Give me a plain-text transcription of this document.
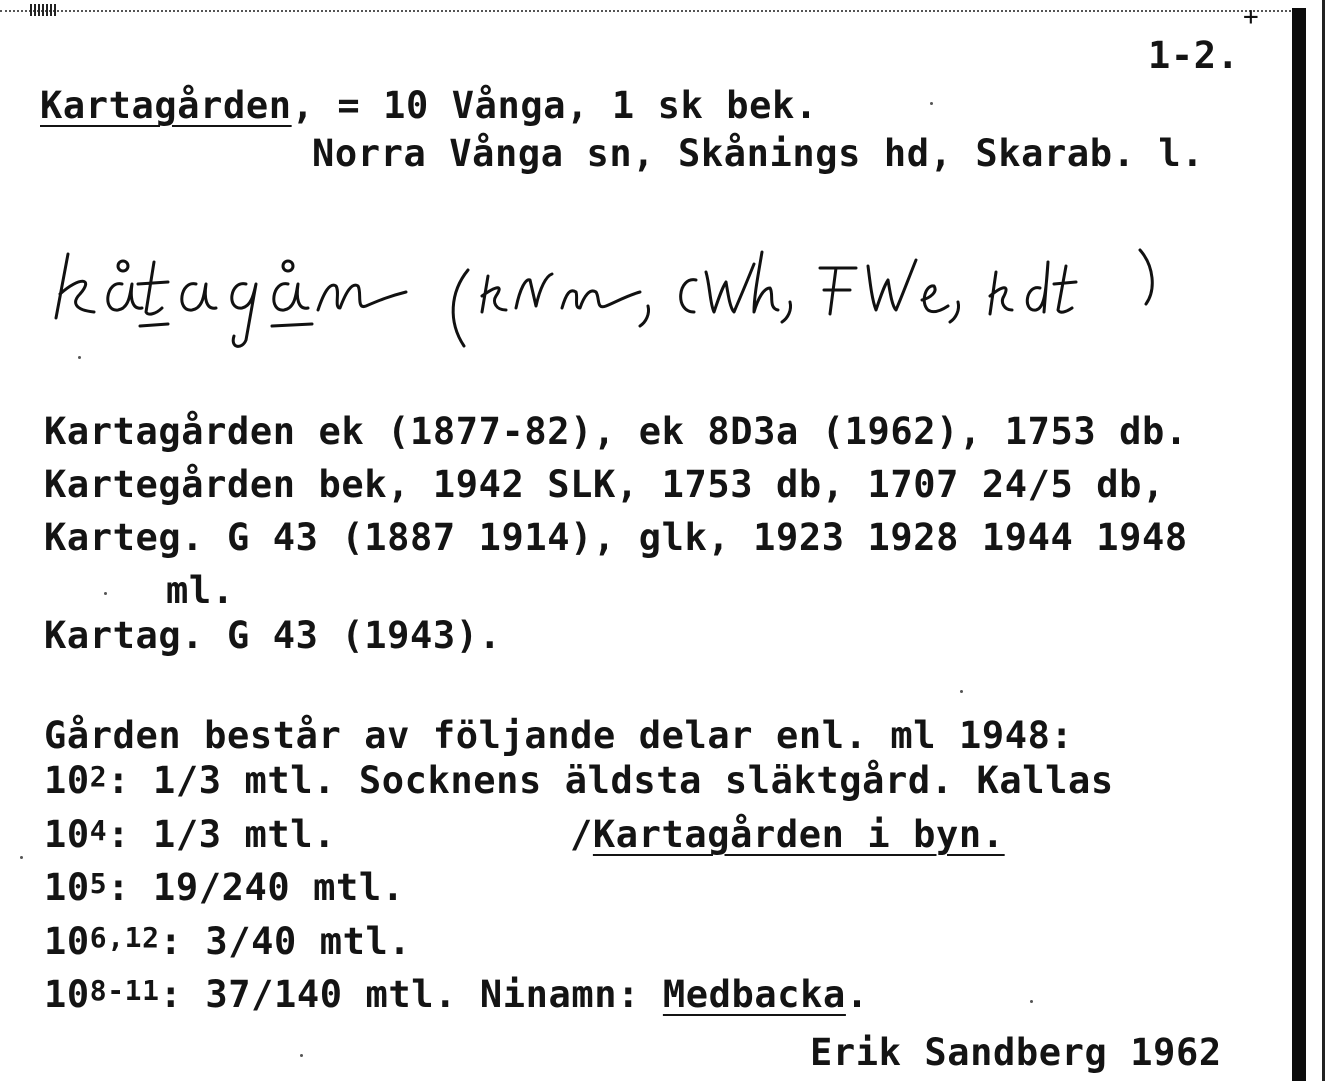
+
1-2.
Kartagården, = 10 Vånga, 1 sk bek.
Norra Vånga sn, Skånings hd, Skarab. l.
Kartagården ek (1877-82), ek 8D3a (1962), 1753 db.
Kartegården bek, 1942 SLK, 1753 db, 1707 24/5 db,
Karteg. G 43 (1887 1914), glk, 1923 1928 1944 1948
ml.
Kartag. G 43 (1943).
Gården består av följande delar enl. ml 1948:
$10^2$: 1/3 mtl. Socknens äldsta släktgård. Kallas
$10^4$: 1/3 mtl.	/Kartagården i byn.
$10^5$: 19/240 mtl.
10$^{6,12}$: 3/40 mtl.
10$^{8-11}$: 37/140 mtl. Ninamn: Medbacka.
Erik Sandberg 1962
